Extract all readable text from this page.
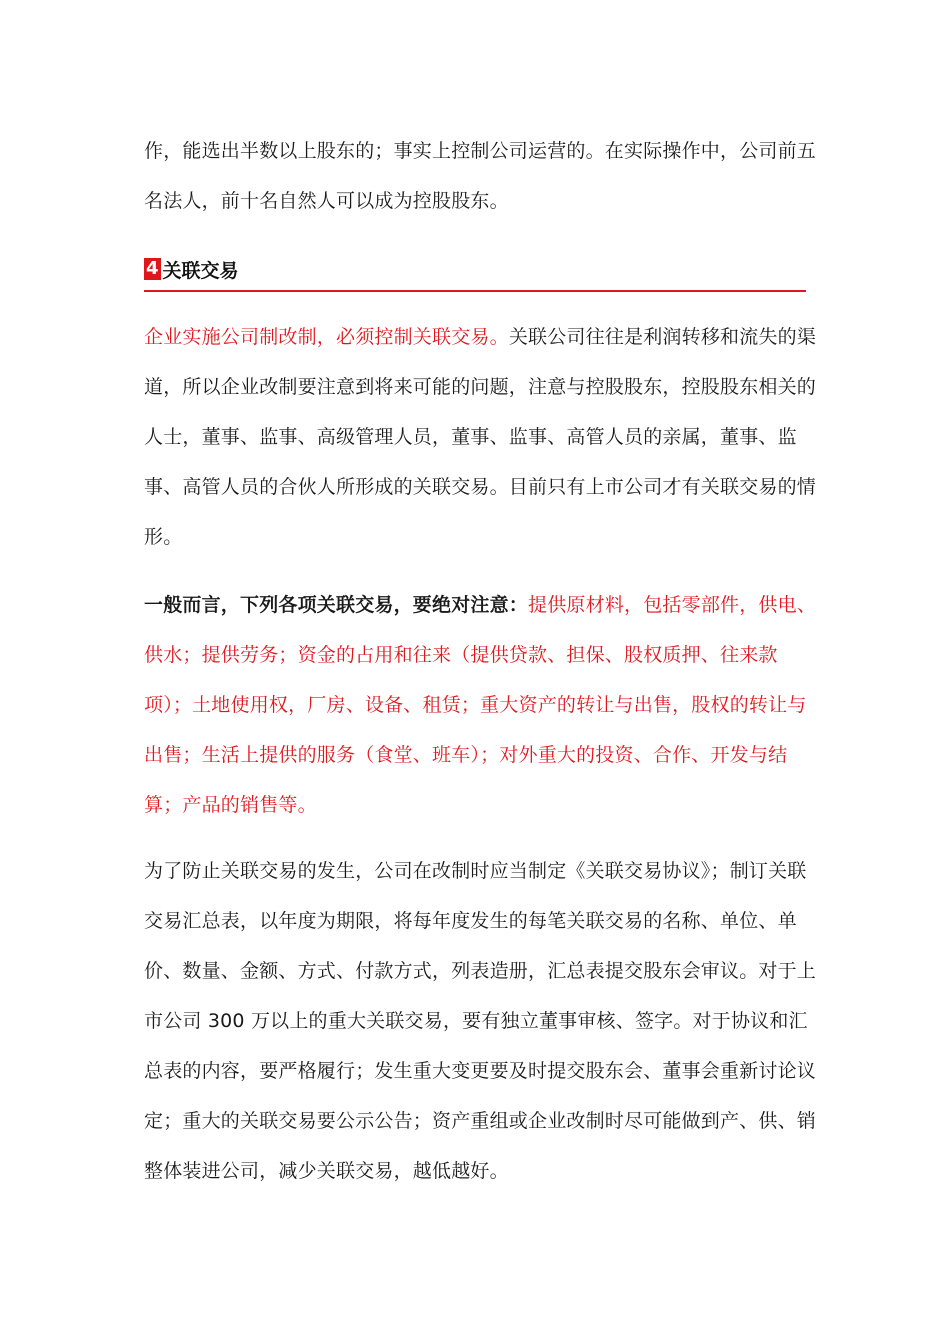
作，能选出半数以上股东的；事实上控制公司运营的。在实际操作中，公司前五名法人，前十名自然人可以成为控股股东。

4 关联交易

企业实施公司制改制，必须控制关联交易。关联公司往往是利润转移和流失的渠道，所以企业改制要注意到将来可能的问题，注意与控股股东，控股股东相关的人士，董事、监事、高级管理人员，董事、监事、高管人员的亲属，董事、监事、高管人员的合伙人所形成的关联交易。目前只有上市公司才有关联交易的情形。

一般而言，下列各项关联交易，要绝对注意：提供原材料，包括零部件，供电、供水；提供劳务；资金的占用和往来（提供贷款、担保、股权质押、往来款项）；土地使用权，厂房、设备、租赁；重大资产的转让与出售，股权的转让与出售；生活上提供的服务（食堂、班车）；对外重大的投资、合作、开发与结算；产品的销售等。

为了防止关联交易的发生，公司在改制时应当制定《关联交易协议》；制订关联交易汇总表，以年度为期限，将每年度发生的每笔关联交易的名称、单位、单价、数量、金额、方式、付款方式，列表造册，汇总表提交股东会审议。对于上市公司 300 万以上的重大关联交易，要有独立董事审核、签字。对于协议和汇总表的内容，要严格履行；发生重大变更要及时提交股东会、董事会重新讨论议定；重大的关联交易要公示公告；资产重组或企业改制时尽可能做到产、供、销整体装进公司，减少关联交易，越低越好。
